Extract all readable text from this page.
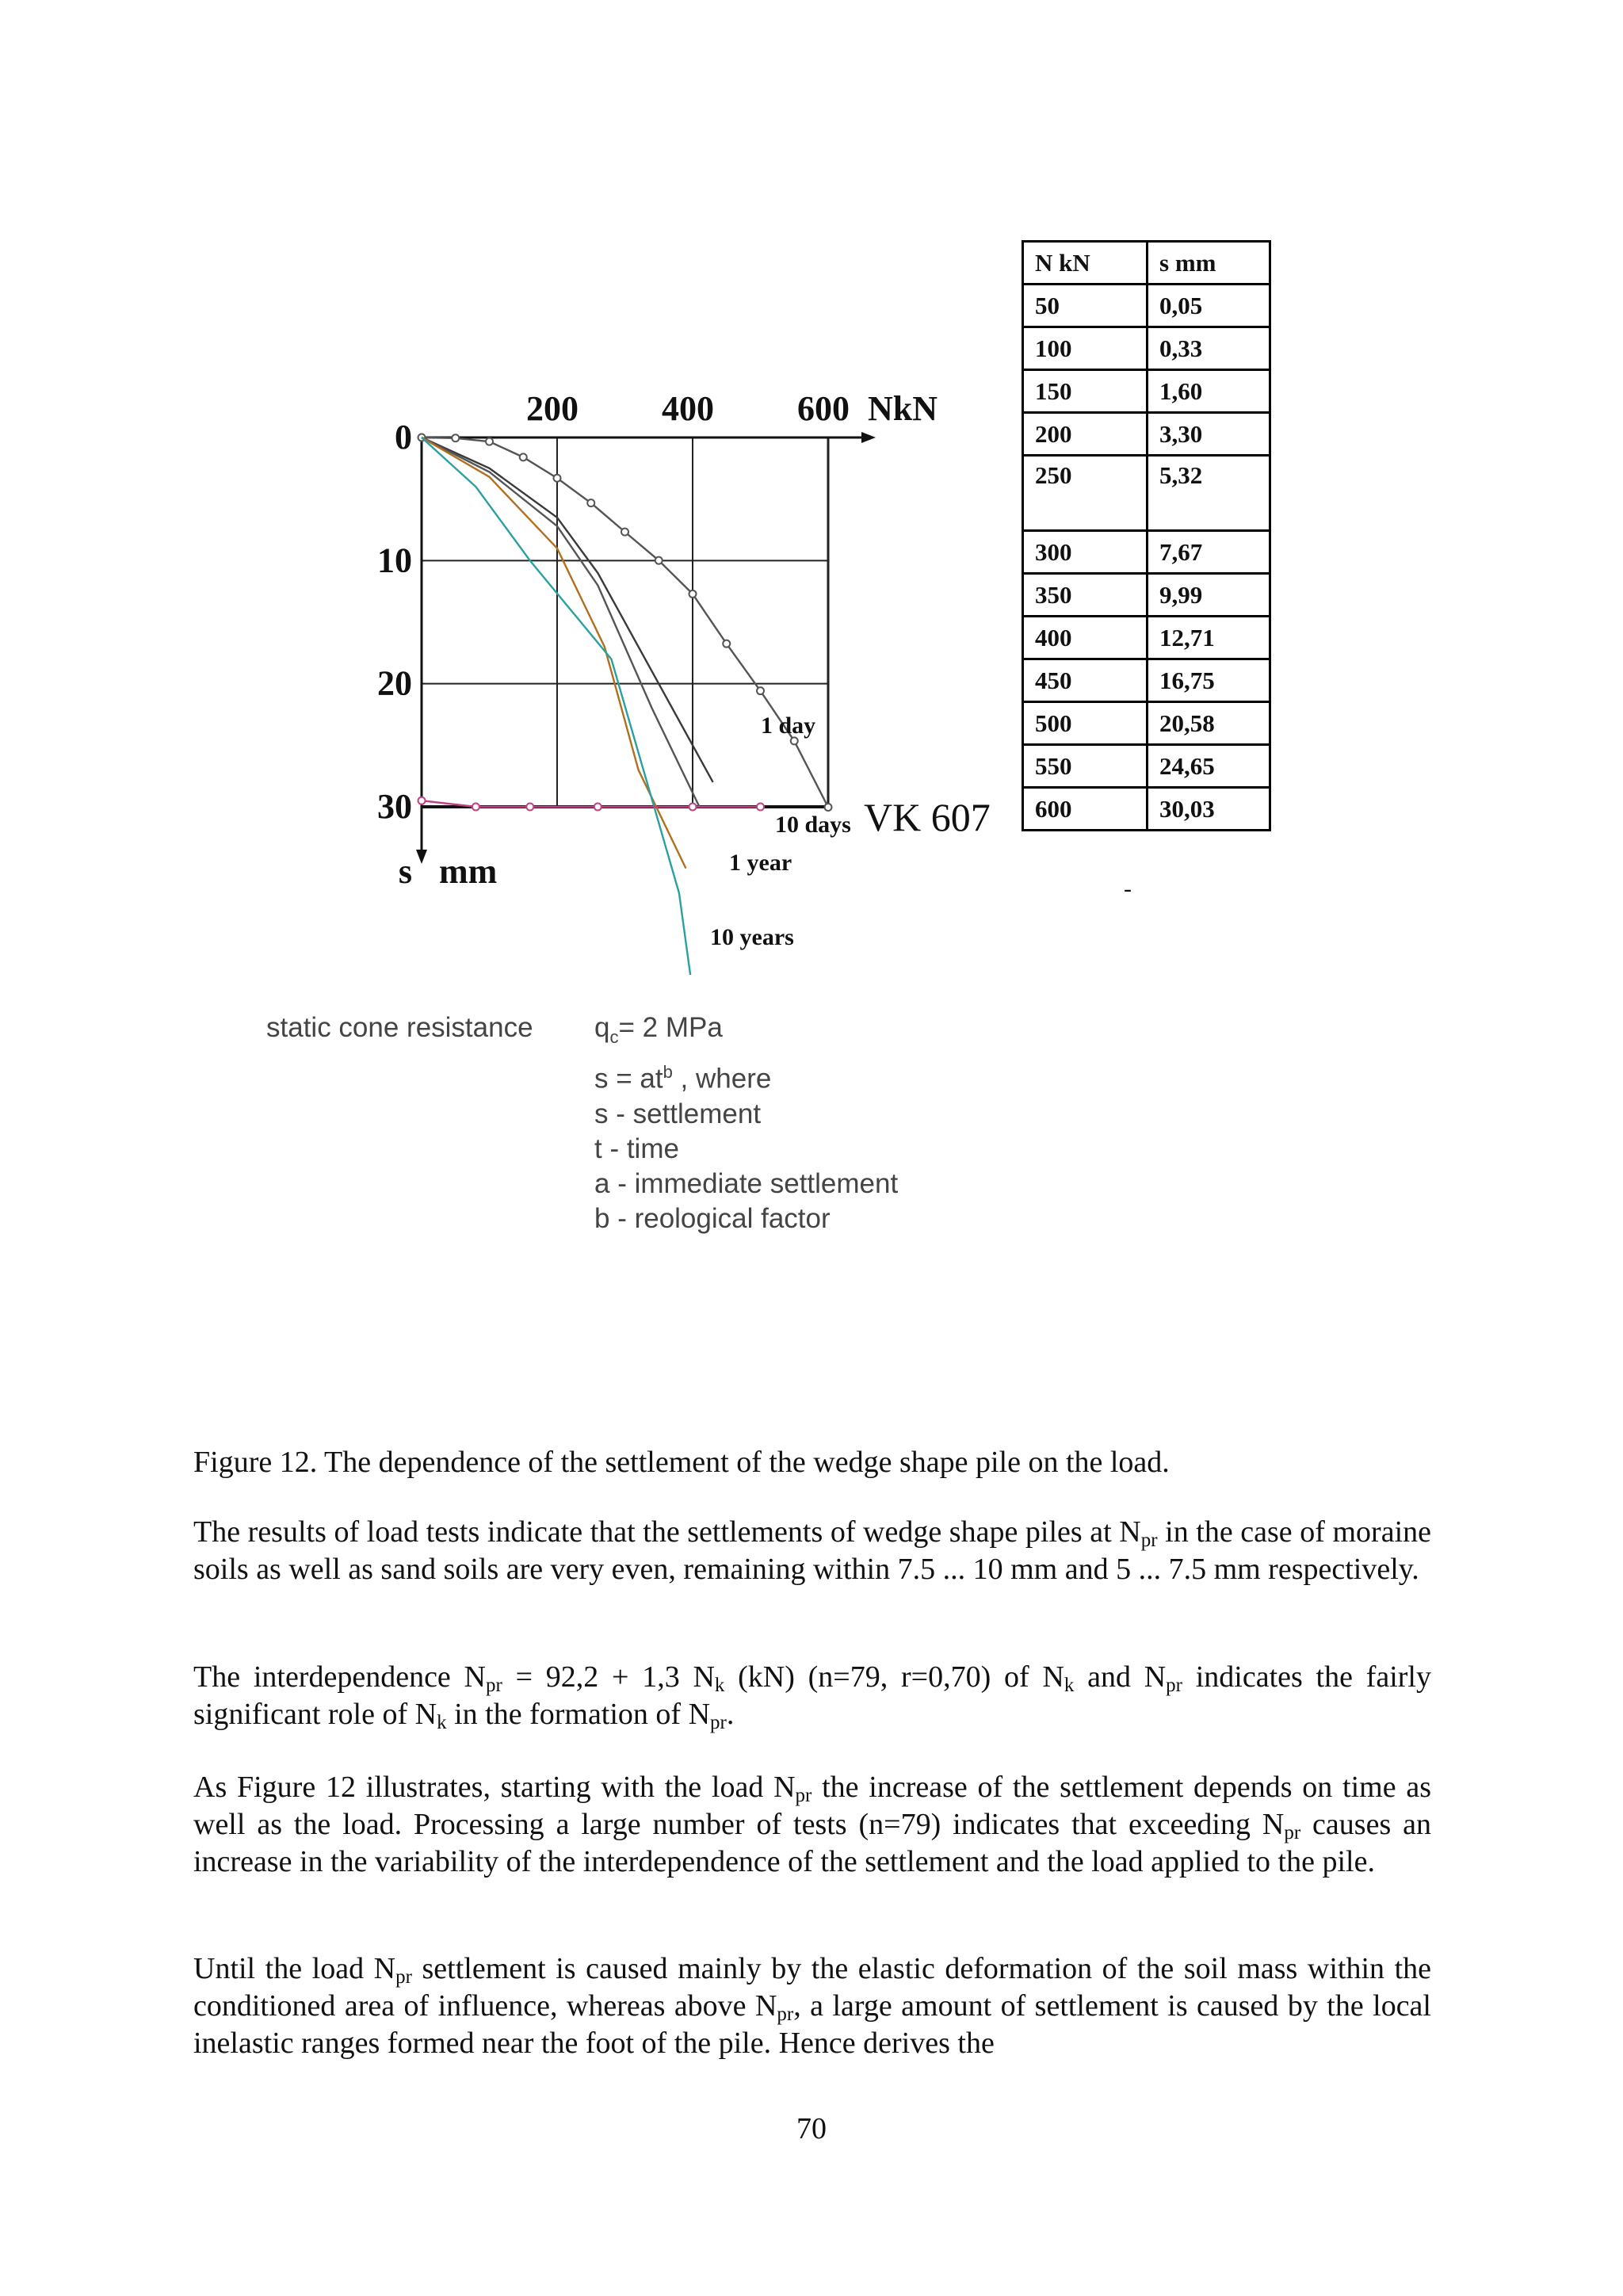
N kN	s mm
50	0,05
100	0,33
150	1,60
200	3,30
250	5,32
300	7,67
350	9,99
400	12,71
450	16,75
500	20,58
550	24,65
600	30,03
200 400 600 NkN
0
10
20
30
s mm
1 day
10 days
1 year
10 years
VK 607
static cone resistance $q_c= 2$ MPa
$s = at^b$ , where
s - settlement
t - time
a - immediate settlement
b - reological factor
-
Figure 12. The dependence of the settlement of the wedge shape pile on the load.
The results of load tests indicate that the settlements of wedge shape piles at $N_{pr}$ in the case of moraine soils as well as sand soils are very even, remaining within 7.5 ... 10 mm and 5 ... 7.5 mm respectively.
The interdependence $N_{pr} = 92,2 + 1,3$ $N_k$ (kN) (n=79, r=0,70) of $N_k$ and $N_{pr}$ indicates the fairly significant role of $N_k$ in the formation of $N_{pr}$.
As Figure 12 illustrates, starting with the load $N_{pr}$ the increase of the settlement depends on time as well as the load. Processing a large number of tests (n=79) indicates that exceeding $N_{pr}$ causes an increase in the variability of the interdependence of the settlement and the load applied to the pile.
Until the load $N_{pr}$ settlement is caused mainly by the elastic deformation of the soil mass within the conditioned area of influence, whereas above $N_{pr}$, a large amount of settlement is caused by the local inelastic ranges formed near the foot of the pile. Hence derives the
70
